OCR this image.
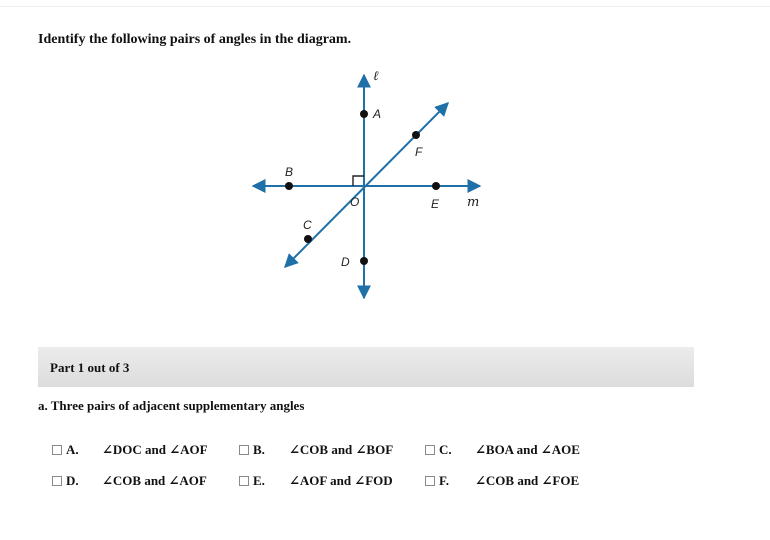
Identify the following pairs of angles in the diagram.
ℓ
m
A
B
C
D
E
F
O
Part 1 out of 3
a. Three pairs of adjacent supplementary angles
A. ∠DOC and ∠AOF	B. ∠COB and ∠BOF	C. ∠BOA and ∠AOE
D. ∠COB and ∠AOF	E. ∠AOF and ∠FOD	F. ∠COB and ∠FOE
